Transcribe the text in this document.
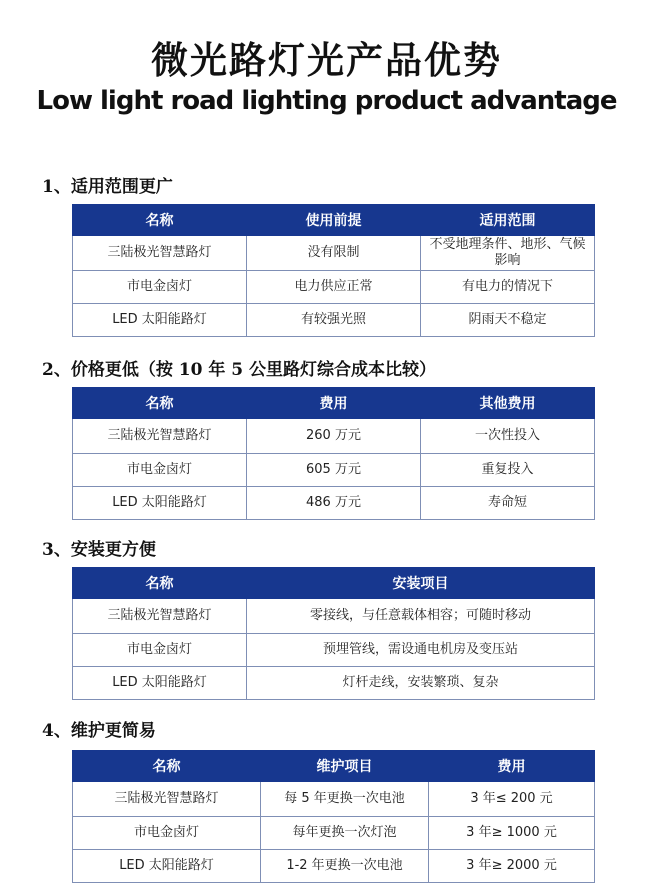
微光路灯光产品优势
Low light road lighting product advantage
1、适用范围更广
名称	使用前提	适用范围
三陆极光智慧路灯	没有限制	不受地理条件、地形、气候影响
市电金卤灯	电力供应正常	有电力的情况下
LED 太阳能路灯	有较强光照	阴雨天不稳定
2、价格更低（按 10 年 5 公里路灯综合成本比较）
名称	费用	其他费用
三陆极光智慧路灯	260 万元	一次性投入
市电金卤灯	605 万元	重复投入
LED 太阳能路灯	486 万元	寿命短
3、安装更方便
名称	安装项目
三陆极光智慧路灯	零接线，与任意载体相容；可随时移动
市电金卤灯	预埋管线，需设通电机房及变压站
LED 太阳能路灯	灯杆走线，安装繁琐、复杂
4、维护更简易
名称	维护项目	费用
三陆极光智慧路灯	每 5 年更换一次电池	3 年≤ 200 元
市电金卤灯	每年更换一次灯泡	3 年≥ 1000 元
LED 太阳能路灯	1-2 年更换一次电池	3 年≥ 2000 元
